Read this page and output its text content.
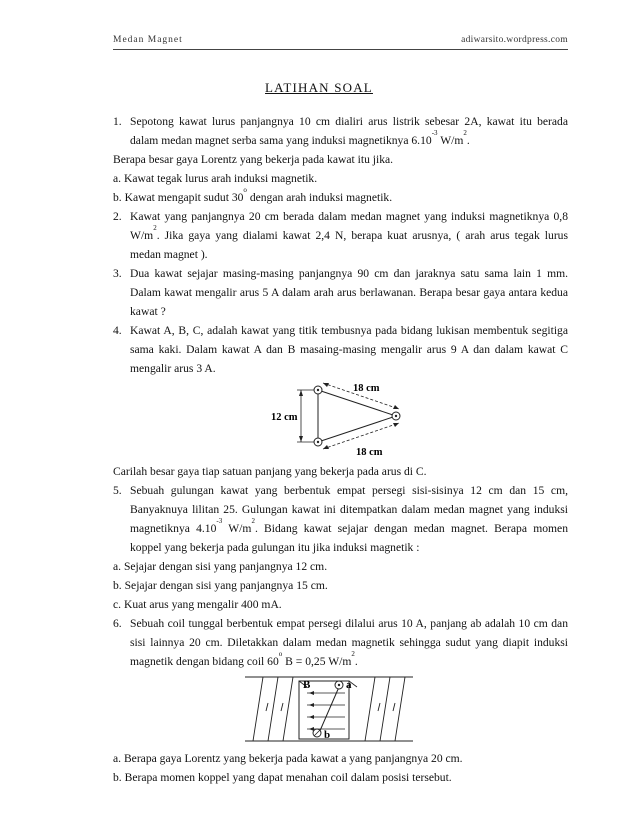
Medan Magnet	adiwarsito.wordpress.com
LATIHAN SOAL

1. Sepotong kawat lurus panjangnya 10 cm dialiri arus listrik sebesar 2A, kawat itu berada dalam medan magnet serba sama yang induksi magnetiknya $6.10^{-3}$ $W/m^2$.

Berapa besar gaya Lorentz yang bekerja pada kawat itu jika.

a. Kawat tegak lurus arah induksi magnetik.

b. Kawat mengapit sudut 30$^o$ dengan arah induksi magnetik.

2. Kawat yang panjangnya 20 cm berada dalam medan magnet yang induksi magnetiknya 0,8 $W/m^2$. Jika gaya yang dialami kawat 2,4 N, berapa kuat arusnya, ( arah arus tegak lurus medan magnet ).

3. Dua kawat sejajar masing-masing panjangnya 90 cm dan jaraknya satu sama lain 1 mm. Dalam kawat mengalir arus 5 A dalam arah arus berlawanan. Berapa besar gaya antara kedua kawat ?

4. Kawat A, B, C, adalah kawat yang titik tembusnya pada bidang lukisan membentuk segitiga sama kaki. Dalam kawat A dan B masaing-masing mengalir arus 9 A dan dalam kawat C mengalir arus 3 A.

12 cm
18 cm
18 cm

Carilah besar gaya tiap satuan panjang yang bekerja pada arus di C.

5. Sebuah gulungan kawat yang berbentuk empat persegi sisi-sisinya 12 cm dan 15 cm, Banyaknuya lilitan 25. Gulungan kawat ini ditempatkan dalam medan magnet yang induksi magnetiknya $4.10^{-3}$ $W/m^2$. Bidang kawat sejajar dengan medan magnet. Berapa momen koppel yang bekerja pada gulungan itu jika induksi magnetik :

a. Sejajar dengan sisi yang panjangnya 12 cm.

b. Sejajar dengan sisi yang panjangnya 15 cm.

c. Kuat arus yang mengalir 400 mA.

6. Sebuah coil tunggal berbentuk empat persegi dilalui arus 10 A, panjang ab adalah 10 cm dan sisi lainnya 20 cm. Diletakkan dalam medan magnetik sehingga sudut yang diapit induksi magnetik dengan bidang coil 60$^o$ B = 0,25 $W/m^2$.

B	a
b

a. Berapa gaya Lorentz yang bekerja pada kawat a yang panjangnya 20 cm.

b. Berapa momen koppel yang dapat menahan coil dalam posisi tersebut.
